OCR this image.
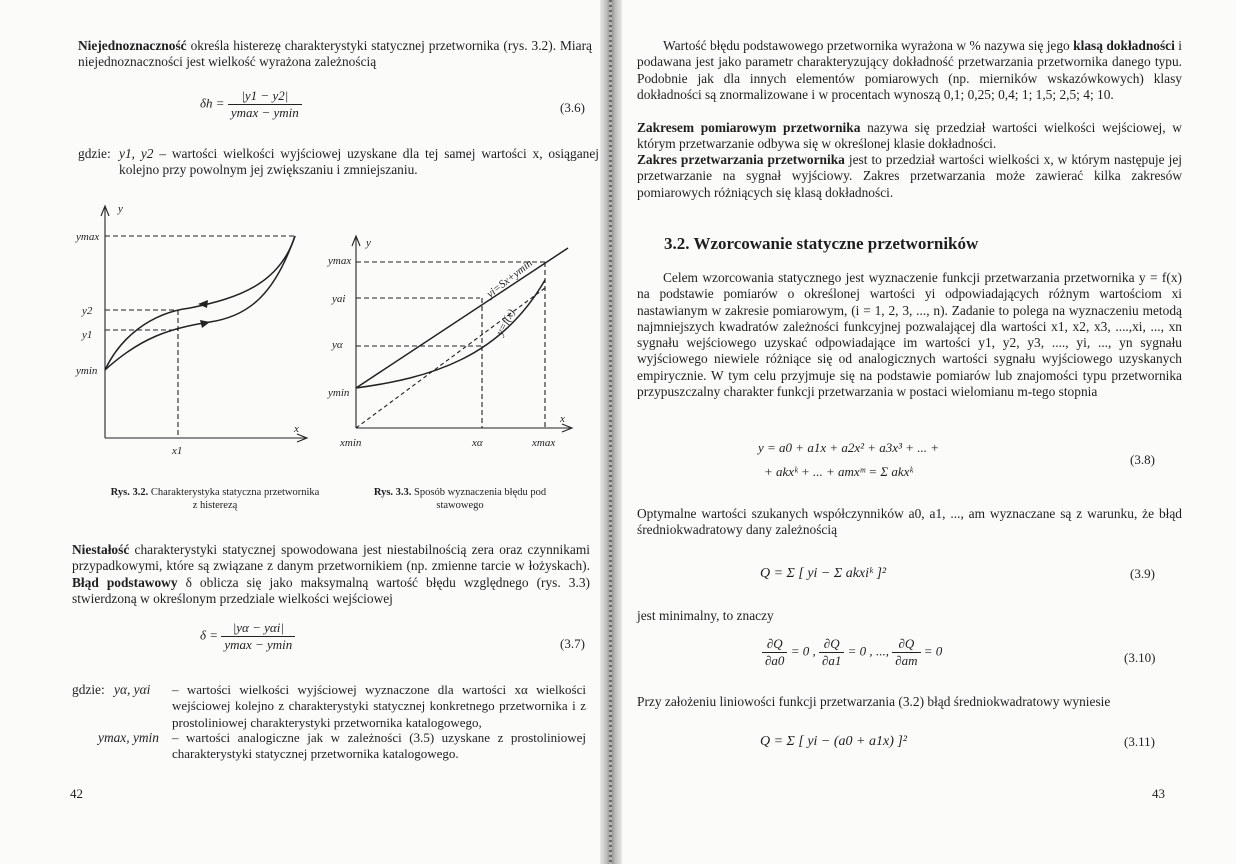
Niejednoznaczność określa histerezę charakterystyki statycznej przetwornika (rys. 3.2). Miarą niejednoznaczności jest wielkość wyrażona zależnością
$\delta h = \frac{|y1 - y2|}{ymax - ymin}$	(3.6)
gdzie: y1, y2 – wartości wielkości wyjściowej uzyskane dla tej samej wartości x, osiąganej kolejno przy powolnym jej zwiększaniu i zmniejszaniu.
y
ymax
y2
y1
ymin
x
x1
y
ymax
yai
yα
ymin
x
xmin	xα	xmax
yi=Sx+ymin
y=f(x)
Rys. 3.2. Charakterystyka statyczna przetwornika z histerezą
Rys. 3.3. Sposób wyznaczenia błędu pod stawowego
Niestałość charakterystyki statycznej spowodowana jest niestabilnością zera oraz czynnikami przypadkowymi, które są związane z danym przetwornikiem (np. zmienne tarcie w łożyskach). Błąd podstawowy δ oblicza się jako maksymalną wartość błędu względnego (rys. 3.3) stwierdzoną w określonym przedziale wielkości wejściowej
$\delta = \frac{\text{|yα − yαi|}}{ymax - ymin}$	(3.7)
gdzie: yα, yαi	– wartości wielkości wyjściowej wyznaczone dla wartości xα wielkości wejściowej kolejno z charakterystyki statycznej konkretnego przetwornika i z prostoliniowej charakterystyki przetwornika katalogowego,
ymax, ymin	– wartości analogiczne jak w zależności (3.5) uzyskane z prostoliniowej charakterystyki statycznej przetwornika katalogowego.
42
Wartość błędu podstawowego przetwornika wyrażona w % nazywa się jego klasą dokładności i podawana jest jako parametr charakteryzujący dokładność przetwarzania przetwornika danego typu. Podobnie jak dla innych elementów pomiarowych (np. mierników wskazówkowych) klasy dokładności są znormalizowane i w procentach wynoszą 0,1; 0,25; 0,4; 1; 1,5; 2,5; 4; 10.
Zakresem pomiarowym przetwornika nazywa się przedział wartości wielkości wejściowej, w którym przetwarzanie odbywa się w określonej klasie dokładności.
Zakres przetwarzania przetwornika jest to przedział wartości wielkości x, w którym następuje jej przetwarzanie na sygnał wyjściowy. Zakres przetwarzania może zawierać kilka zakresów pomiarowych różniących się klasą dokładności.
3.2. Wzorcowanie statyczne przetworników
Celem wzorcowania statycznego jest wyznaczenie funkcji przetwarzania przetwornika y = f(x) na podstawie pomiarów o określonej wartości yi odpowiadających różnym wartościom xi nastawianym w zakresie pomiarowym, (i = 1, 2, 3, ..., n). Zadanie to polega na wyznaczeniu metodą najmniejszych kwadratów zależności funkcyjnej pozwalającej dla wartości x1, x2, x3, ....,xi, ..., xn sygnału wejściowego uzyskać odpowiadające im wartości y1, y2, y3, ...., yi, ..., yn sygnału wyjściowego niewiele różniące się od analogicznych wartości sygnału wyjściowego uzyskanych empirycznie. W tym celu przyjmuje się na podstawie pomiarów lub znajomości typu przetwornika przypuszczalny charakter funkcji przetwarzania w postaci wielomianu m-tego stopnia
y = a0 + a1x + a2x² + a3x³ + ... +
+ akxᵏ + ... + amxᵐ = Σ akxᵏ
(3.8)
Optymalne wartości szukanych współczynników a0, a1, ..., am wyznaczane są z warunku, że błąd średniokwadratowy dany zależnością
Q = Σ [ yi − Σ akxiᵏ ]²	(3.9)
jest minimalny, to znaczy
$\frac{\partial Q}{\partial a0} = 0$ , $\frac{\partial Q}{\partial a1} = 0$ , ..., $\frac{\partial Q}{\partial am} = 0$	(3.10)
Przy założeniu liniowości funkcji przetwarzania (3.2) błąd średniokwadratowy wyniesie
Q = Σ [ yi − (a0 + a1x) ]²	(3.11)
43
